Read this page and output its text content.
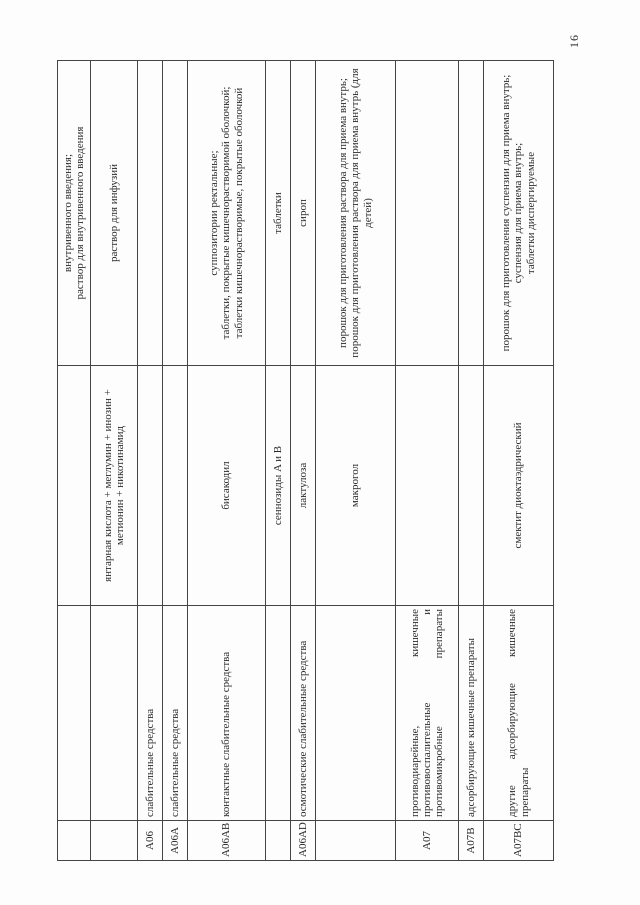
			внутривенного введения; раствор для внутривенного введения

		янтарная кислота + меглумин + инозин + метионин + никотинамид	раствор для инфузий

A06	слабительные средства		
A06A	слабительные средства		
A06AB	контактные слабительные средства	бисакодил	суппозитории ректальные; таблетки, покрытые кишечнорастворимой оболочкой; таблетки кишечнорастворимые, покрытые оболочкой

		сеннозиды A и B	таблетки

A06AD	осмотические слабительные средства	лактулоза	сироп

		макрогол	порошок для приготовления раствора для приема внутрь; порошок для приготовления раствора для приема внутрь (для детей)

A07	противодиарейные, кишечные противовоспалительные и противомикробные препараты		
A07B	адсорбирующие кишечные препараты		
A07BC	другие адсорбирующие кишечные препараты	смектит диоктаэдрический	порошок для приготовления суспензии для приема внутрь; суспензия для приема внутрь; таблетки диспергируемые
16
